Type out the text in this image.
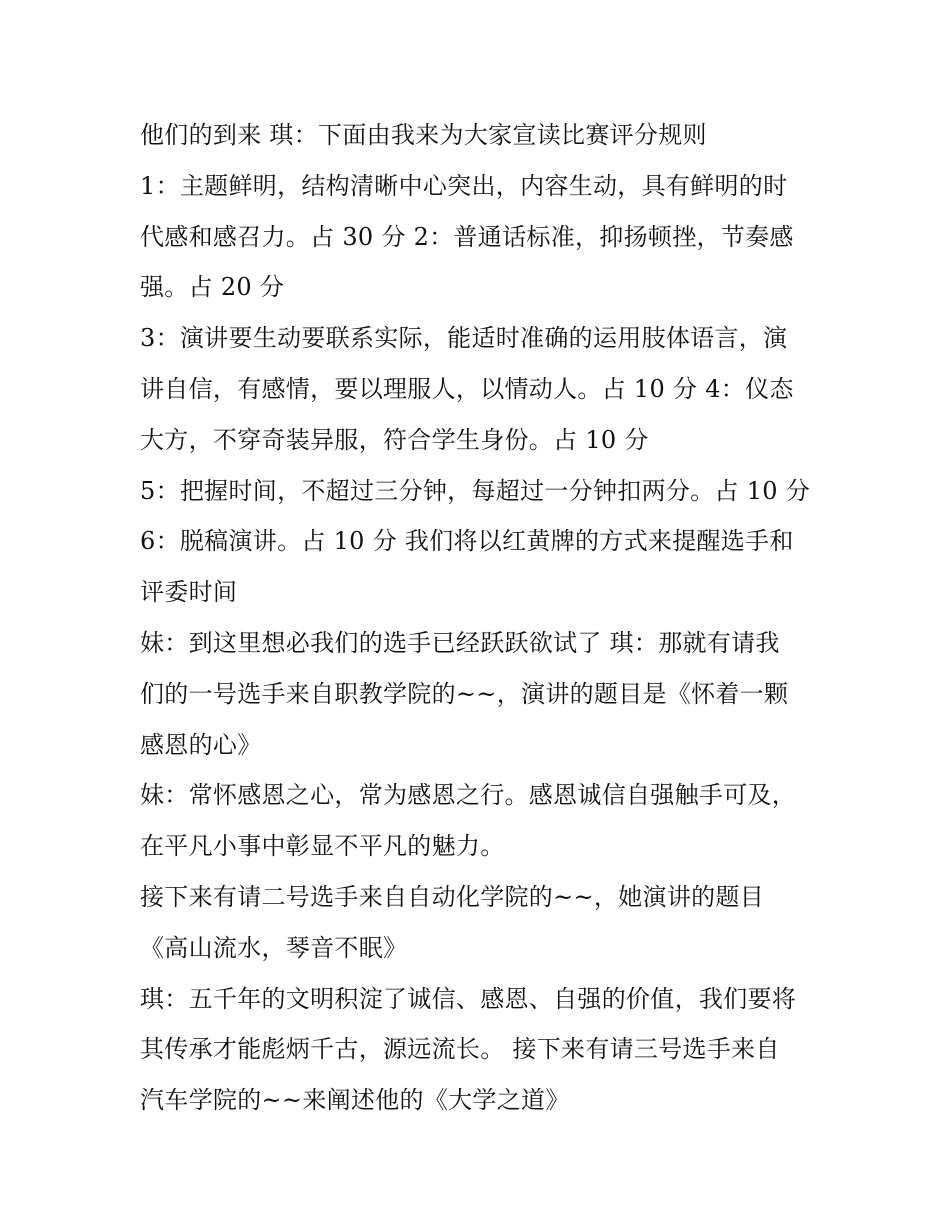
他们的到来 琪：下面由我来为大家宣读比赛评分规则
1：主题鲜明，结构清晰中心突出，内容生动，具有鲜明的时
代感和感召力。占 30 分 2：普通话标准，抑扬顿挫，节奏感
强。占 20 分
3：演讲要生动要联系实际，能适时准确的运用肢体语言，演
讲自信，有感情，要以理服人，以情动人。占 10 分 4：仪态
大方，不穿奇装异服，符合学生身份。占 10 分
5：把握时间，不超过三分钟，每超过一分钟扣两分。占 10 分
6：脱稿演讲。占 10 分 我们将以红黄牌的方式来提醒选手和
评委时间
妹：到这里想必我们的选手已经跃跃欲试了 琪：那就有请我
们的一号选手来自职教学院的~~，演讲的题目是《怀着一颗
感恩的心》
妹：常怀感恩之心，常为感恩之行。感恩诚信自强触手可及，
在平凡小事中彰显不平凡的魅力。
接下来有请二号选手来自自动化学院的~~，她演讲的题目
《高山流水，琴音不眠》
琪：五千年的文明积淀了诚信、感恩、自强的价值，我们要将
其传承才能彪炳千古，源远流长。 接下来有请三号选手来自
汽车学院的~~来阐述他的《大学之道》
